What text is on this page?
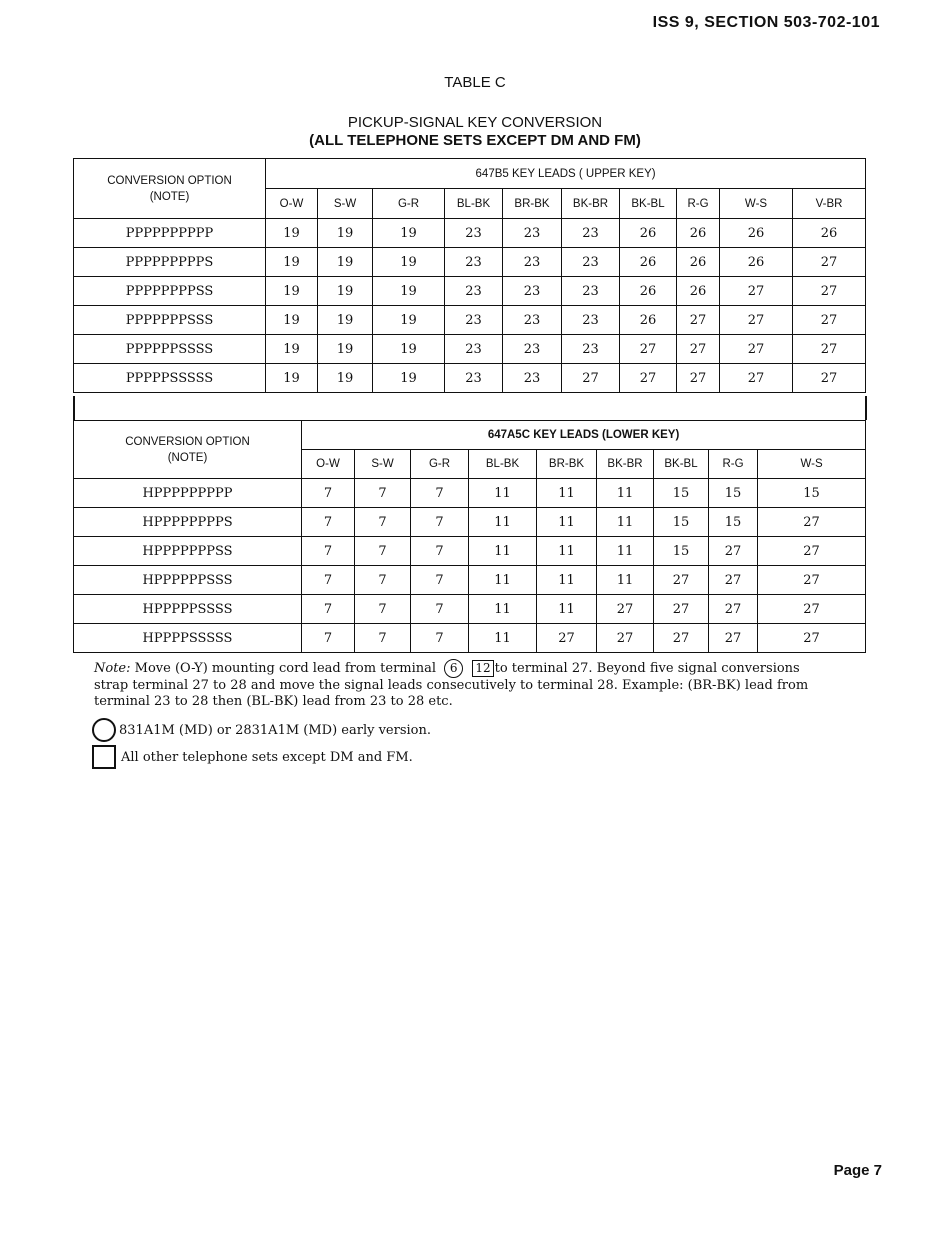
ISS 9, SECTION 503-702-101
TABLE C
PICKUP-SIGNAL KEY CONVERSION
(ALL TELEPHONE SETS EXCEPT DM AND FM)
CONVERSION OPTION
(NOTE)	647B5 KEY LEADS ( UPPER KEY)									
	O-W	S-W	G-R	BL-BK	BR-BK	BK-BR	BK-BL	R-G	W-S	V-BR
PPPPPPPPPP	19	19	19	23	23	23	26	26	26	26
PPPPPPPPPS	19	19	19	23	23	23	26	26	26	27
PPPPPPPPSS	19	19	19	23	23	23	26	26	27	27
PPPPPPPSSS	19	19	19	23	23	23	26	27	27	27
PPPPPPSSSS	19	19	19	23	23	23	27	27	27	27
PPPPPSSSSS	19	19	19	23	23	27	27	27	27	27
CONVERSION OPTION
(NOTE)	647A5C KEY LEADS (LOWER KEY)								
	O-W	S-W	G-R	BL-BK	BR-BK	BK-BR	BK-BL	R-G	W-S
HPPPPPPPPP	7	7	7	11	11	11	15	15	15
HPPPPPPPPS	7	7	7	11	11	11	15	15	27
HPPPPPPPSS	7	7	7	11	11	11	15	27	27
HPPPPPPSSS	7	7	7	11	11	11	27	27	27
HPPPPPSSSS	7	7	7	11	11	27	27	27	27
HPPPPSSSSS	7	7	7	11	27	27	27	27	27
Note: Move (O-Y) mounting cord lead from terminal 6 12 to terminal 27. Beyond five signal conversions strap terminal 27 to 28 and move the signal leads consecutively to terminal 28. Example: (BR-BK) lead from terminal 23 to 28 then (BL-BK) lead from 23 to 28 etc.
831A1M (MD) or 2831A1M (MD) early version.
All other telephone sets except DM and FM.
Page 7
